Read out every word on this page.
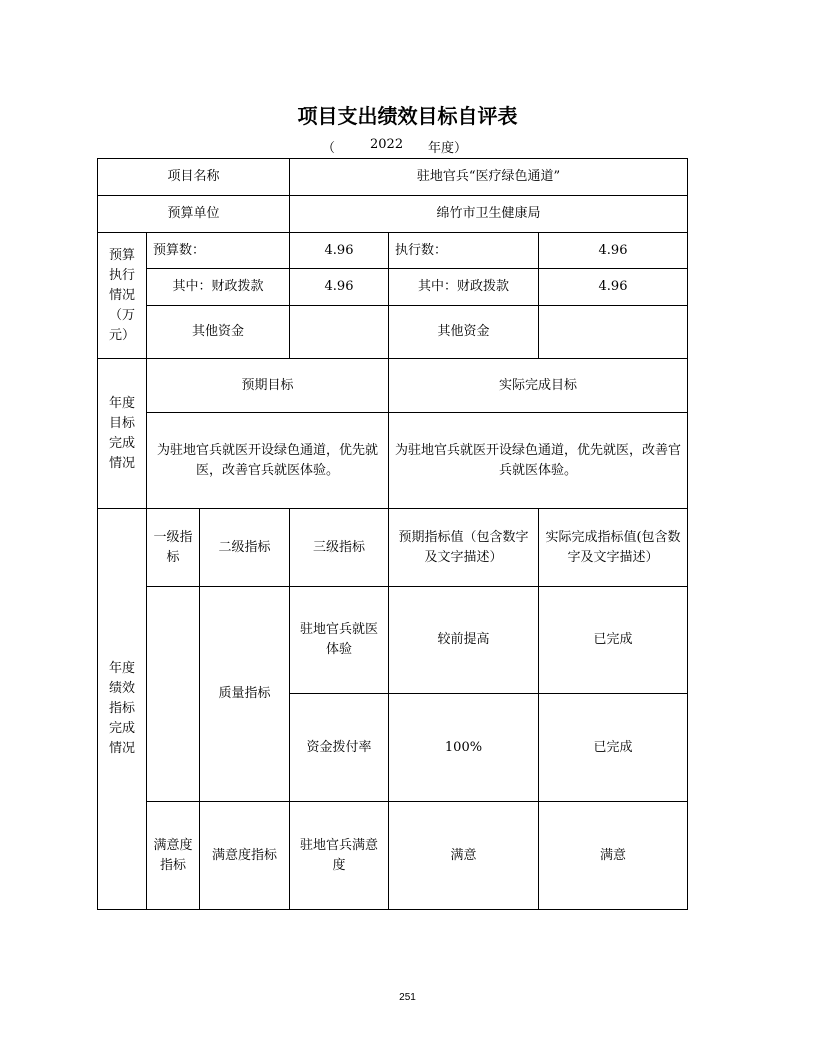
项目支出绩效目标自评表
（	2022 年度）
项目名称			驻地官兵“医疗绿色通道”		
预算单位			绵竹市卫生健康局		
预算执行情况（万元）	预算数：		4.96	执行数：	4.96
	其中：财政拨款		4.96	其中：财政拨款	4.96
	其他资金			其他资金	
年度目标完成情况	预期目标			实际完成目标	
	为驻地官兵就医开设绿色通道，优先就医，改善官兵就医体验。			为驻地官兵就医开设绿色通道，优先就医，改善官兵就医体验。	
年度绩效指标完成情况	一级指标	二级指标	三级指标	预期指标值（包含数字及文字描述）	实际完成指标值(包含数字及文字描述）
		质量指标	驻地官兵就医体验	较前提高	已完成
			资金拨付率	100%	已完成
	满意度指标	满意度指标	驻地官兵满意度	满意	满意
251
